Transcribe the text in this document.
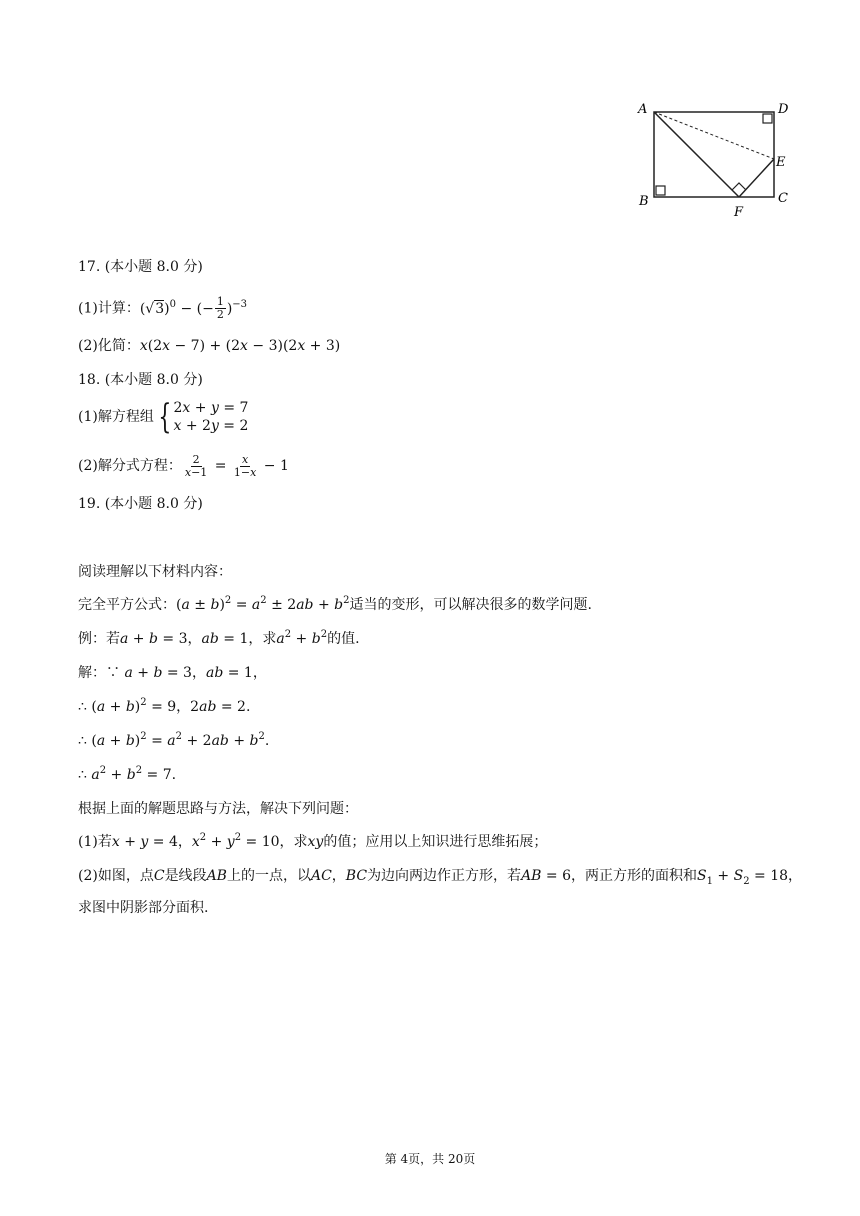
A
B	C
D
E
F
17. (本小题 8.0 分)
(1)计算：$(√3)^0$ − (− $\frac{1}{2} )^{-3}$
(2)化简：x(2x − 7) + (2x − 3)(2x + 3)
18. (本小题 8.0 分)
(1)解方程组 { 2x + y = 7
x + 2y = 2
(2)解分式方程： $\frac{2}{x-1} = \frac{x}{1-x} - 1$
19. (本小题 8.0 分)
阅读理解以下材料内容：
完全平方公式：$(a \pm b)^2 = a^2 \pm 2ab + b^2$适当的变形，可以解决很多的数学问题.
例：若a + b = 3，ab = 1，求$a^2 + b^2$的值.
解：∵ a + b = 3，ab = 1，
∴ $(a + b)^2 = 9$，2ab = 2.
∴ $(a + b)^2 = a^2 + 2ab + b^2$.
∴ $a^2 + b^2 = 7$.
根据上面的解题思路与方法，解决下列问题：
(1)若x + y = 4，$x^2 + y^2 = 10$，求xy的值；应用以上知识进行思维拓展；
(2)如图，点C是线段AB上的一点，以AC，BC为边向两边作正方形，若AB = 6，两正方形的面积和$S_1 + S_2 = 18$，
求图中阴影部分面积.
第 4页，共 20页
